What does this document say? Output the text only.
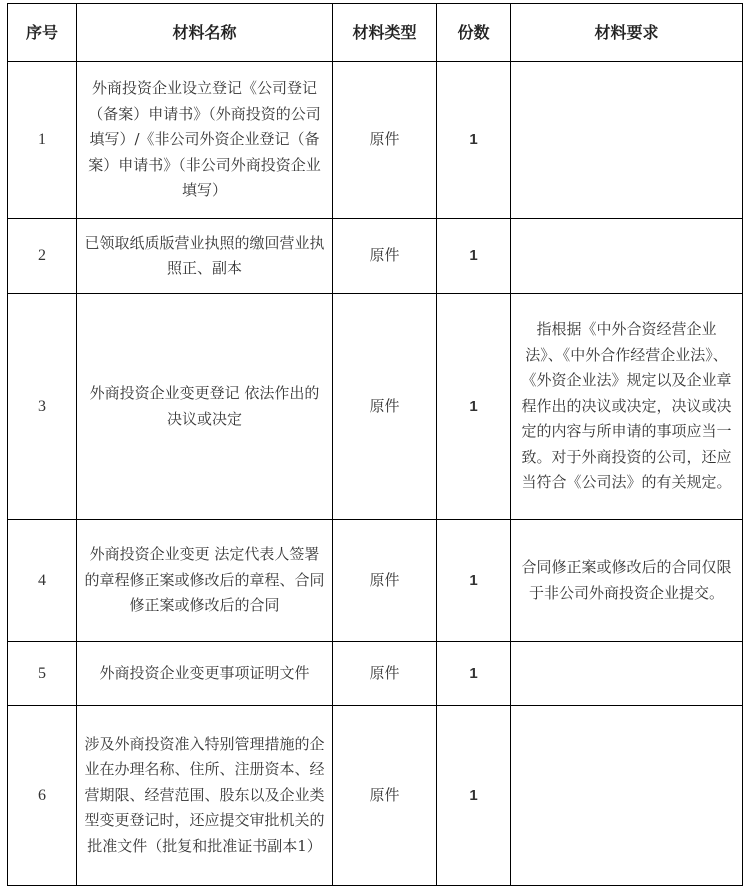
序号	材料名称	材料类型	份数	材料要求
1	外商投资企业设立登记《公司登记（备案）申请书》（外商投资的公司填写）/《非公司外资企业登记（备案）申请书》（非公司外商投资企业填写）	原件	1	
2	已领取纸质版营业执照的缴回营业执照正、副本	原件	1	
3	外商投资企业变更登记 依法作出的决议或决定	原件	1	指根据《中外合资经营企业法》、《中外合作经营企业法》、《外资企业法》规定以及企业章程作出的决议或决定，决议或决定的内容与所申请的事项应当一致。对于外商投资的公司，还应当符合《公司法》的有关规定。
4	外商投资企业变更 法定代表人签署的章程修正案或修改后的章程、合同修正案或修改后的合同	原件	1	合同修正案或修改后的合同仅限于非公司外商投资企业提交。
5	外商投资企业变更事项证明文件	原件	1	
6	涉及外商投资准入特别管理措施的企业在办理名称、住所、注册资本、经营期限、经营范围、股东以及企业类型变更登记时，还应提交审批机关的批准文件（批复和批准证书副本1）	原件	1	
